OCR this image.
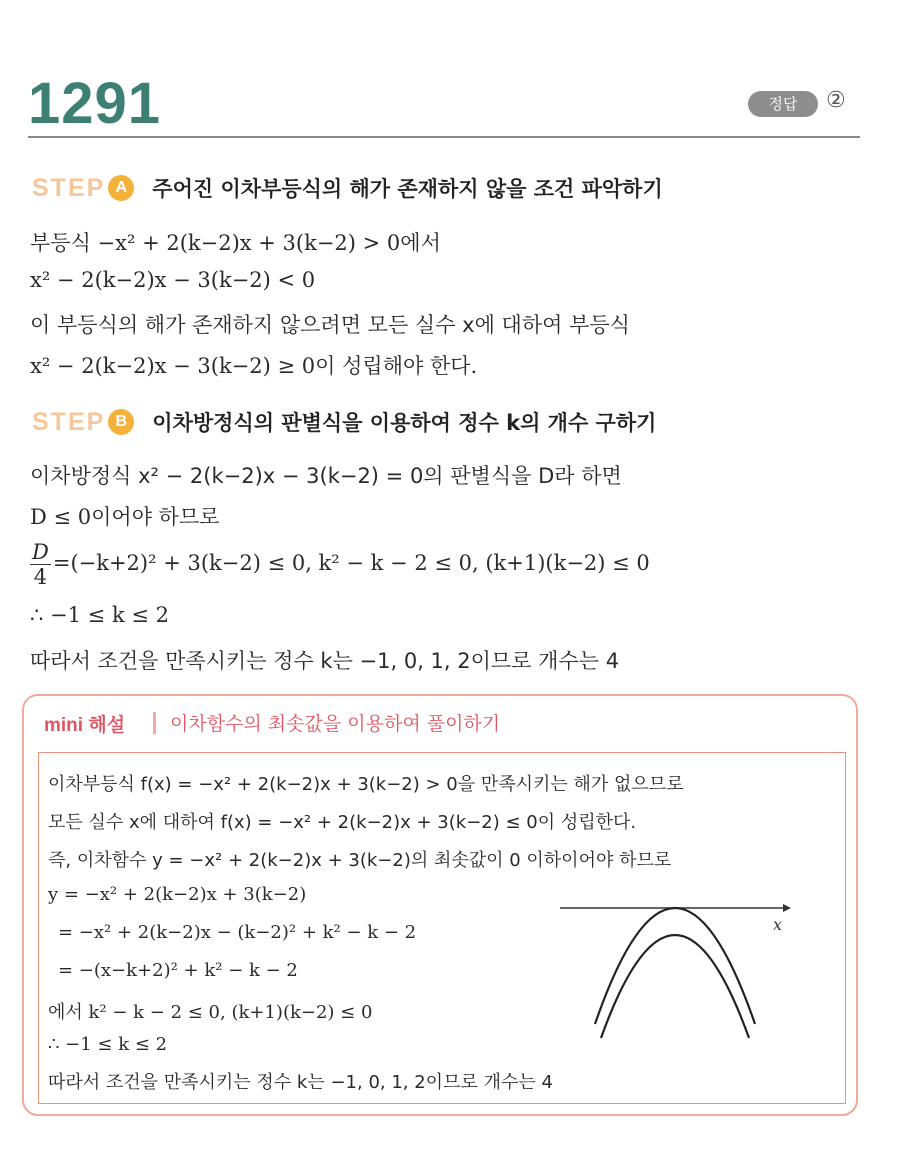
1291	정답	②
STEP A	주어진 이차부등식의 해가 존재하지 않을 조건 파악하기
부등식 −x² + 2(k−2)x + 3(k−2) > 0에서
x² − 2(k−2)x − 3(k−2) < 0
이 부등식의 해가 존재하지 않으려면 모든 실수 x에 대하여 부등식
x² − 2(k−2)x − 3(k−2) ≥ 0이 성립해야 한다.
STEP B	이차방정식의 판별식을 이용하여 정수 k의 개수 구하기
이차방정식 x² − 2(k−2)x − 3(k−2) = 0의 판별식을 D라 하면
D ≤ 0이어야 하므로
$\frac{D}{4} =(-k+2)^2 + 3(k-2) \le 0$, k² − k − 2 ≤ 0, (k+1)(k−2) ≤ 0
∴ −1 ≤ k ≤ 2
따라서 조건을 만족시키는 정수 k는 −1, 0, 1, 2이므로 개수는 4
mini 해설 이차함수의 최솟값을 이용하여 풀이하기
이차부등식 f(x) = −x² + 2(k−2)x + 3(k−2) > 0을 만족시키는 해가 없으므로
모든 실수 x에 대하여 f(x) = −x² + 2(k−2)x + 3(k−2) ≤ 0이 성립한다.
즉, 이차함수 y = −x² + 2(k−2)x + 3(k−2)의 최솟값이 0 이하이어야 하므로
y = −x² + 2(k−2)x + 3(k−2)
= −x² + 2(k−2)x − (k−2)² + k² − k − 2
= −(x−k+2)² + k² − k − 2
에서 k² − k − 2 ≤ 0, (k+1)(k−2) ≤ 0
∴ −1 ≤ k ≤ 2
따라서 조건을 만족시키는 정수 k는 −1, 0, 1, 2이므로 개수는 4
x
